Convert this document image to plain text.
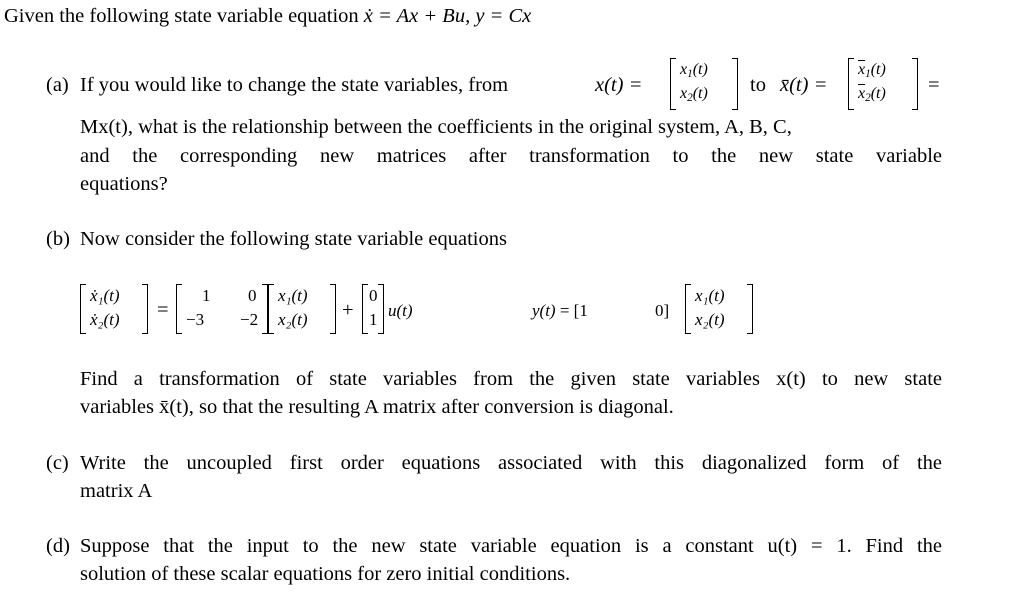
Given the following state variable equation ẋ = Ax + Bu, y = Cx
(a) If you would like to change the state variables, from	x(t) =
$x_1(t)$
$x_2(t)$ to x̄(t) =
$\overline{x}_1(t)$
$\overline{x}_2(t)$ =
Mx(t), what is the relationship between the coefficients in the original system, A, B, C,
and the corresponding new matrices after transformation to the new state variable
equations?
(b) Now consider the following state variable equations
ẋ₁(t)
ẋ₂(t) =
1 0
−3 −2
x₁(t)
x₂(t) +
0
1 u(t)	y(t) = [1	0]
x₁(t)
x₂(t)
Find a transformation of state variables from the given state variables x(t) to new state
variables x̄(t), so that the resulting A matrix after conversion is diagonal.
(c) Write the uncoupled first order equations associated with this diagonalized form of the
matrix A
(d) Suppose that the input to the new state variable equation is a constant u(t) = 1. Find the
solution of these scalar equations for zero initial conditions.
